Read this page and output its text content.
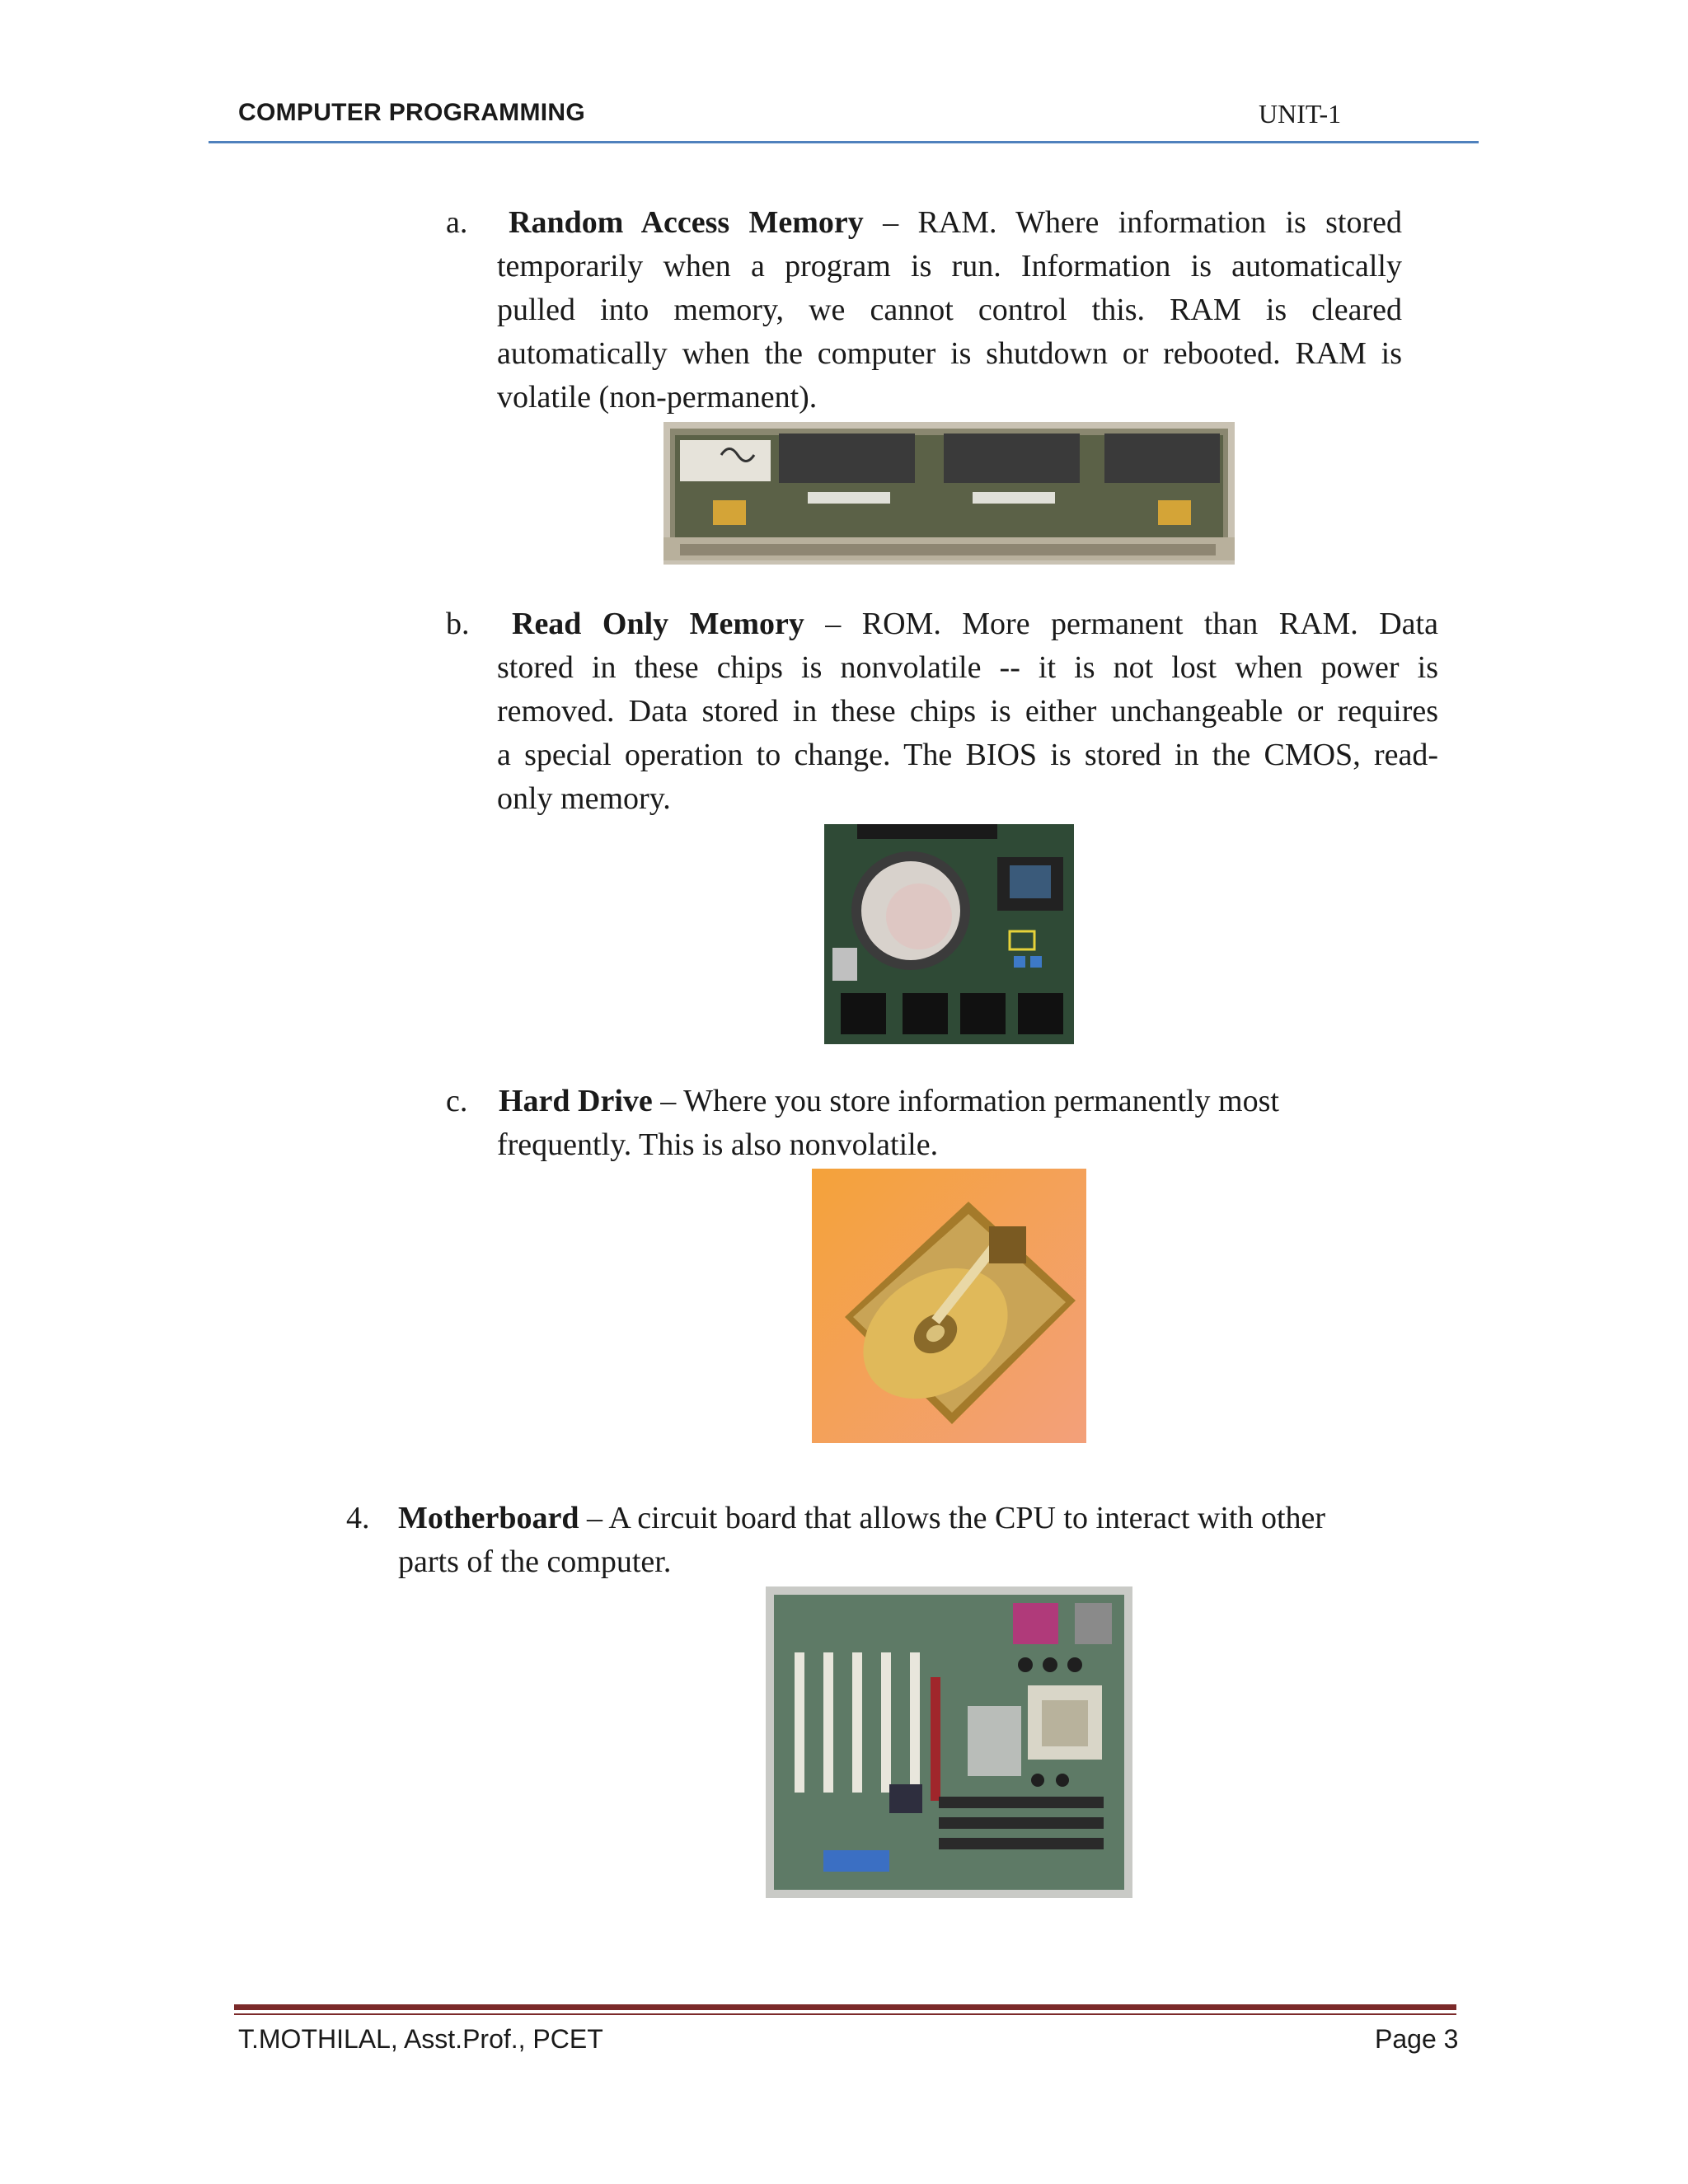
COMPUTER PROGRAMMING	UNIT-1
a.	Random Access Memory – RAM. Where information is stored
temporarily when a program is run. Information is automatically
pulled into memory, we cannot control this. RAM is cleared
automatically when the computer is shutdown or rebooted. RAM is
volatile (non-permanent).
b.	Read Only Memory – ROM. More permanent than RAM. Data
stored in these chips is nonvolatile -- it is not lost when power is
removed. Data stored in these chips is either unchangeable or requires
a special operation to change. The BIOS is stored in the CMOS, read-
only memory.
c. Hard Drive – Where you store information permanently most
frequently. This is also nonvolatile.
4. Motherboard – A circuit board that allows the CPU to interact with other
parts of the computer.
T.MOTHILAL, Asst.Prof., PCET	Page 3
